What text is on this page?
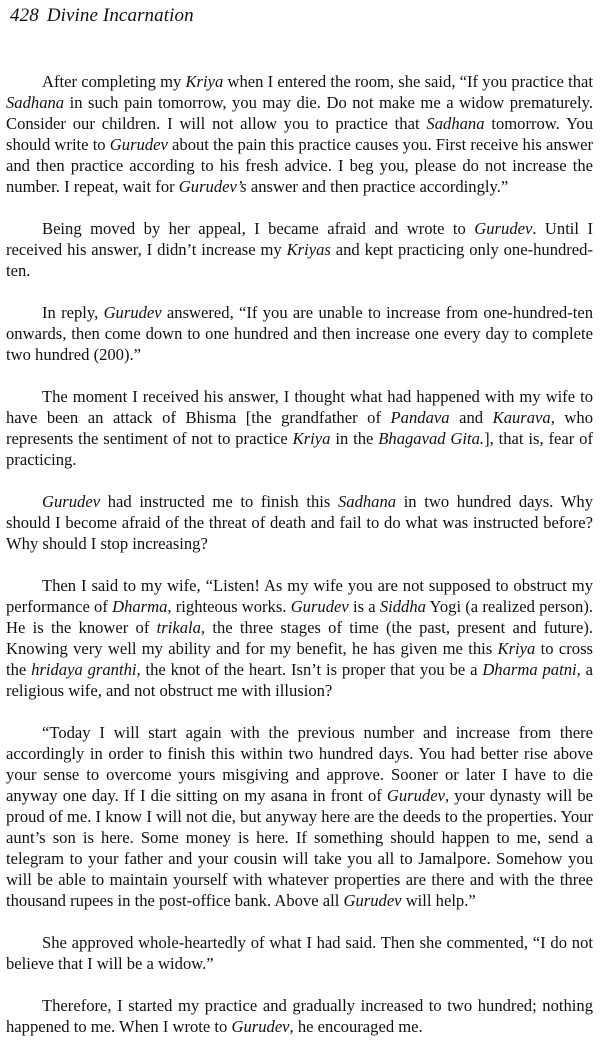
428 Divine Incarnation

After completing my Kriya when I entered the room, she said, “If you practice that Sadhana in such pain tomorrow, you may die. Do not make me a widow prematurely. Consider our children. I will not allow you to practice that Sadhana tomorrow. You should write to Gurudev about the pain this practice causes you. First receive his answer and then practice according to his fresh advice. I beg you, please do not increase the number. I repeat, wait for Gurudev’s answer and then practice accordingly.”

Being moved by her appeal, I became afraid and wrote to Gurudev. Until I received his answer, I didn’t increase my Kriyas and kept practicing only one-hundred-ten.

In reply, Gurudev answered, “If you are unable to increase from one-hundred-ten onwards, then come down to one hundred and then increase one every day to complete two hundred (200).”

The moment I received his answer, I thought what had happened with my wife to have been an attack of Bhisma [the grandfather of Pandava and Kaurava, who represents the sentiment of not to practice Kriya in the Bhagavad Gita.], that is, fear of practicing.

Gurudev had instructed me to finish this Sadhana in two hundred days. Why should I become afraid of the threat of death and fail to do what was instructed before? Why should I stop increasing?

Then I said to my wife, “Listen! As my wife you are not supposed to obstruct my performance of Dharma, righteous works. Gurudev is a Siddha Yogi (a realized person). He is the knower of trikala, the three stages of time (the past, present and future). Knowing very well my ability and for my benefit, he has given me this Kriya to cross the hridaya granthi, the knot of the heart. Isn’t is proper that you be a Dharma patni, a religious wife, and not obstruct me with illusion?

“Today I will start again with the previous number and increase from there accordingly in order to finish this within two hundred days. You had better rise above your sense to overcome yours misgiving and approve. Sooner or later I have to die anyway one day. If I die sitting on my asana in front of Gurudev, your dynasty will be proud of me. I know I will not die, but anyway here are the deeds to the properties. Your aunt’s son is here. Some money is here. If something should happen to me, send a telegram to your father and your cousin will take you all to Jamalpore. Somehow you will be able to maintain yourself with whatever properties are there and with the three thousand rupees in the post-office bank. Above all Gurudev will help.”

She approved whole-heartedly of what I had said. Then she commented, “I do not believe that I will be a widow.”

Therefore, I started my practice and gradually increased to two hundred; nothing happened to me. When I wrote to Gurudev, he encouraged me.
